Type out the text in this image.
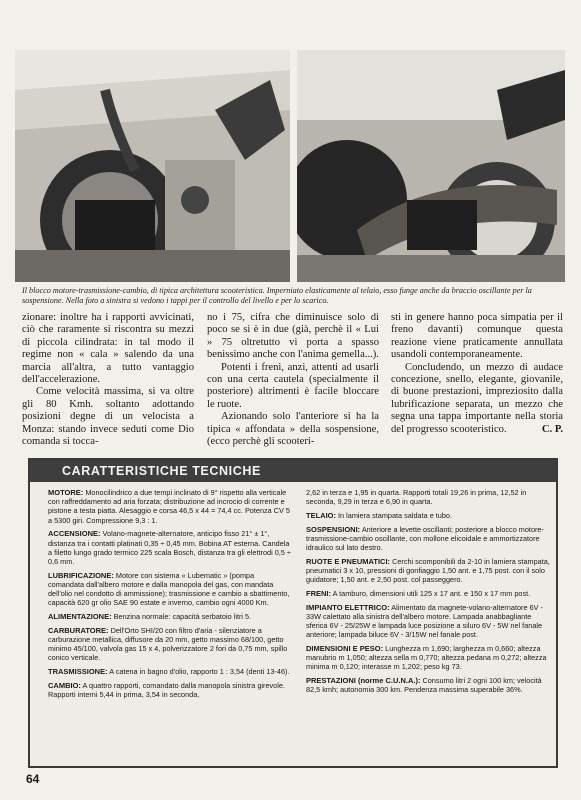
Il blocco motore-trasmissione-cambio, di tipica architettura scooteristica. Imperniato elasticamente al telaio, esso funge anche da braccio oscillante per la sospensione. Nella foto a sinistra si vedono i tappi per il controllo del livello e per lo scarico.

zionare: inoltre ha i rapporti avvicinati, ciò che raramente si riscontra su mezzi di piccola cilindrata: in tal modo il regime non « cala » salendo da una marcia all'altra, a tutto vantaggio dell'accelerazione.

Come velocità massima, si va oltre gli 80 Kmh. soltanto adottando posizioni degne di un velocista a Monza: stando invece seduti come Dio comanda si tocca-

no i 75, cifra che diminuisce solo di poco se si è in due (già, perchè il « Lui » 75 oltretutto vi porta a spasso benissimo anche con l'anima gemella...).

Potenti i freni, anzi, attenti ad usarli con una certa cautela (specialmente il posteriore) altrimenti è facile bloccare le ruote.

Azionando solo l'anteriore si ha la tipica « affondata » della sospensione, (ecco perchè gli scooteri-

sti in genere hanno poca simpatia per il freno davanti) comunque questa reazione viene praticamente annullata usandoli contemporaneamente.

Concludendo, un mezzo di audace concezione, snello, elegante, giovanile, di buone prestazioni, impreziosito dalla lubrificazione separata, un mezzo che segna una tappa importante nella storia del progresso scooteristico.	C. P.

CARATTERISTICHE TECNICHE

MOTORE: Monocilindrico a due tempi inclinato di 9° rispetto alla verticale con raffreddamento ad aria forzata; distribuzione ad incrocio di corrente e pistone a testa piatta. Alesaggio e corsa 46,5 x 44 = 74,4 cc. Potenza CV 5 a 5300 giri. Compressione 9,3 : 1.

ACCENSIONE: Volano-magnete-alternatore, anticipo fisso 21° ± 1°, distanza tra i contatti platinati 0,35 ÷ 0,45 mm. Bobina AT esterna. Candela a filetto lungo grado termico 225 scala Bosch, distanza tra gli elettrodi 0,5 ÷ 0,6 mm.

LUBRIFICAZIONE: Motore con sistema « Lubematic » (pompa comandata dall'albero motore e dalla manopola del gas, con mandata dell'olio nel condotto di ammissione); trasmissione e cambio a sbattimento, capacità 620 gr olio SAE 90 estate e inverno, cambio ogni 4000 Km.

ALIMENTAZIONE: Benzina normale: capacità serbatoio litri 5.

CARBURATORE: Dell'Orto SHI/20 con filtro d'aria - silenziatore a carburazione metallica, diffusore da 20 mm, getto massimo 68/100, getto minimo 45/100, valvola gas 15 x 4, polverizzatore 2 fori da 0,75 mm, spillo conico verticale.

TRASMISSIONE: A catena in bagno d'olio, rapporto 1 : 3,54 (denti 13-46).

CAMBIO: A quattro rapporti, comandato dalla manopola sinistra girevole. Rapporti interni 5,44 in prima, 3,54 in seconda,

2,62 in terza e 1,95 in quarta. Rapporti totali 19,26 in prima, 12,52 in seconda, 9,29 in terza e 6,90 in quarta.

TELAIO: In lamiera stampata saldata e tubo.

SOSPENSIONI: Anteriore a levette oscillanti; posteriore a blocco motore-trasmissione-cambio oscillante, con mollone elicoidale e ammortizzatore idraulico sul lato destro.

RUOTE E PNEUMATICI: Cerchi scomponibili da 2-10 in lamiera stampata, pneumatici 3 x 10, pressioni di gonfiaggio 1,50 ant. e 1,75 post. con il solo guidatore; 1,50 ant. e 2,50 post. col passeggero.

FRENI: A tamburo, dimensioni utili 125 x 17 ant. e 150 x 17 mm post.

IMPIANTO ELETTRICO: Alimentato da magnete-volano-alternatore 6V - 33W calettato alla sinistra dell'albero motore. Lampada anabbagliante sferica 6V - 25/25W e lampada luce posizione a siluro 6V - 5W nel fanale anteriore; lampada biluce 6V - 3/15W nel fanale post.

DIMENSIONI E PESO: Lunghezza m 1,690; larghezza m 0,660; altezza manubrio m 1,050; altezza sella m 0,770; altezza pedana m 0,272; altezza minima m 0,120; interasse m 1,202; peso kg 73.

PRESTAZIONI (norme C.U.N.A.): Consumo litri 2 ogni 100 km; velocità 82,5 kmh; autonomia 300 km. Pendenza massima superabile 36%.

64
